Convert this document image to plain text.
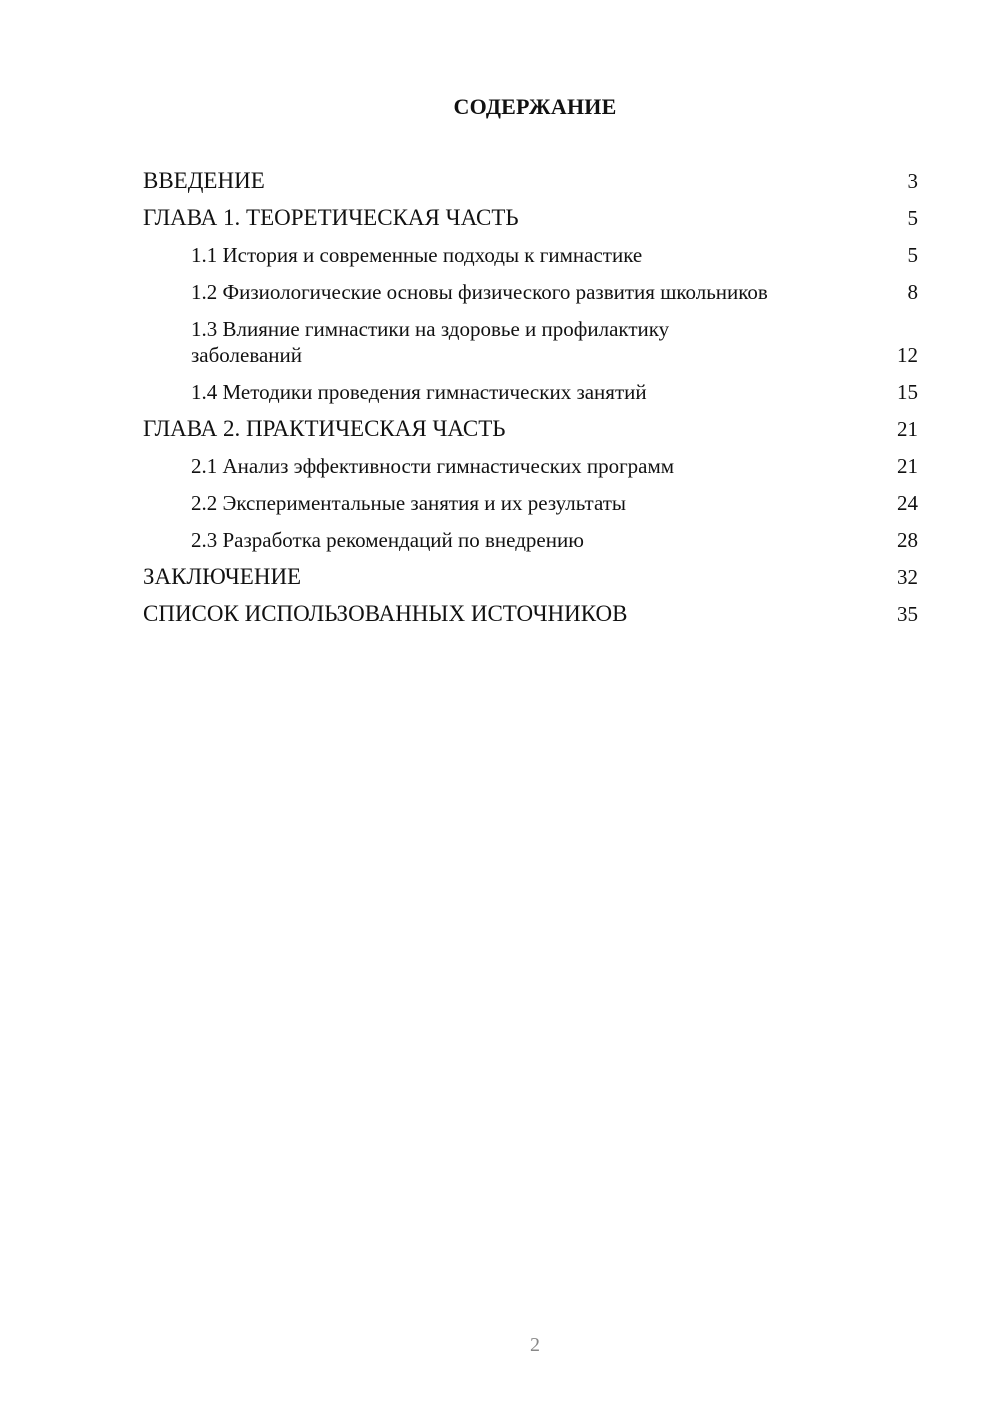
СОДЕРЖАНИЕ
ВВЕДЕНИЕ	3
ГЛАВА 1. ТЕОРЕТИЧЕСКАЯ ЧАСТЬ	5
1.1 История и современные подходы к гимнастике	5
1.2 Физиологические основы физического развития школьников	8
1.3 Влияние гимнастики на здоровье и профилактику заболеваний	12
1.4 Методики проведения гимнастических занятий	15
ГЛАВА 2. ПРАКТИЧЕСКАЯ ЧАСТЬ	21
2.1 Анализ эффективности гимнастических программ	21
2.2 Экспериментальные занятия и их результаты	24
2.3 Разработка рекомендаций по внедрению	28
ЗАКЛЮЧЕНИЕ	32
СПИСОК ИСПОЛЬЗОВАННЫХ ИСТОЧНИКОВ	35
2
